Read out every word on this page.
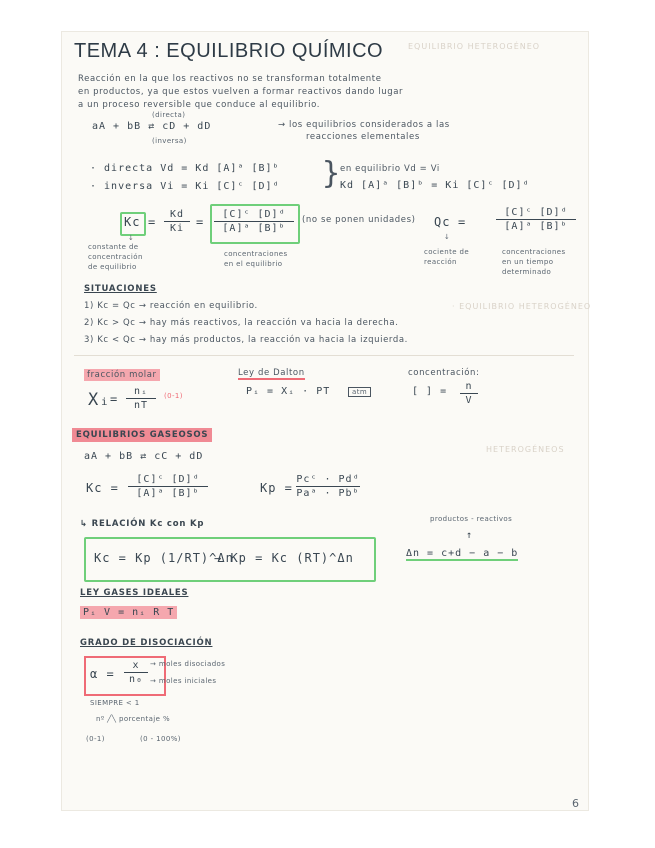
EQUILIBRIO HETEROGÉNEO
· EQUILIBRIO HETEROGÉNEO
HETEROGÉNEOS
TEMA 4 : EQUILIBRIO QUÍMICO
Reacción en la que los reactivos no se transforman totalmente
en productos, ya que estos vuelven a formar reactivos dando lugar
a un proceso reversible que conduce al equilibrio.
(directa)
aA + bB ⇄ cD + dD
(inversa)
→ los equilibrios considerados a las
reacciones elementales
· directa Vd = Kd [A]ᵃ [B]ᵇ
· inversa Vi = Ki [C]ᶜ [D]ᵈ }
en equilibrio Vd = Vi
Kd [A]ᵃ [B]ᵇ = Ki [C]ᶜ [D]ᵈ
Kc =
Kd
Ki =
[C]ᶜ [D]ᵈ
[A]ᵃ [B]ᵇ
(no se ponen unidades) Qc =
[C]ᶜ [D]ᵈ
[A]ᵃ [B]ᵇ
↓	↓
constante de
concentración
de equilibrio
concentraciones
en el equilibrio
cociente de
reacción
concentraciones
en un tiempo
determinado
SITUACIONES
1) Kc = Qc → reacción en equilibrio.
2) Kc > Qc → hay más reactivos, la reacción va hacia la derecha.
3) Kc < Qc → hay más productos, la reacción va hacia la izquierda.
fracción molar
Xᵢ =
nᵢ
nT
(0-1)
Ley de Dalton
Pᵢ = Xᵢ · PT	atm
concentración:
[ ] =	n
V
EQUILIBRIOS GASEOSOS
aA + bB ⇄ cC + dD
Kc =
[C]ᶜ [D]ᵈ
[A]ᵃ [B]ᵇ	Kp =
Pcᶜ · Pdᵈ
Paᵃ · Pbᵇ
↳ RELACIÓN Kc con Kp	productos - reactivos
↑
Kc = Kp (1/RT)^Δn
→ Kp = Kc (RT)^Δn	Δn = c+d − a − b
LEY GASES IDEALES
Pᵢ V = nᵢ R T
GRADO DE DISOCIACIÓN
α =
x
n₀
→ moles disociados
→ moles iniciales
SIEMPRE < 1
nº ╱╲ porcentaje %
(0-1)	(0 - 100%)
6
